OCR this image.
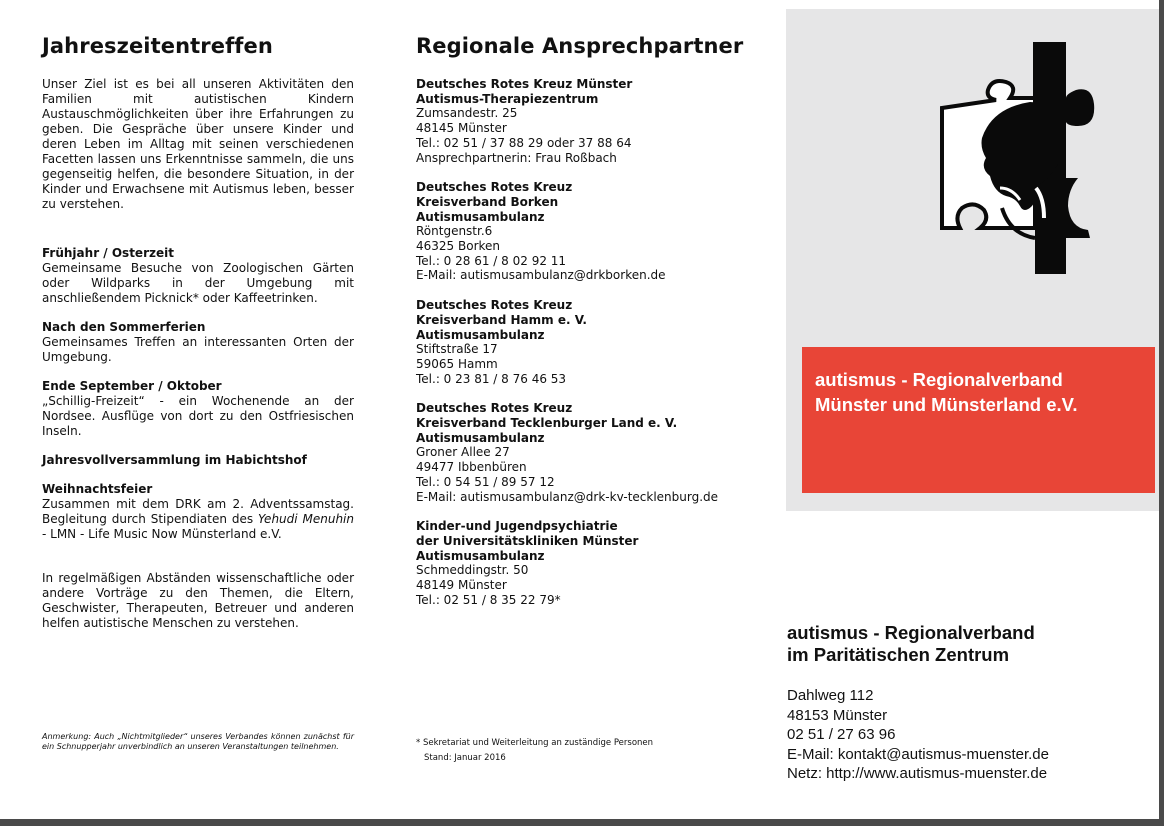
Jahreszeitentreffen

Unser Ziel ist es bei all unseren Aktivitäten den Familien mit autistischen Kindern Austauschmöglichkeiten über ihre Erfahrungen zu geben. Die Gespräche über unsere Kinder und deren Leben im Alltag mit seinen verschiedenen Facetten lassen uns Erkenntnisse sammeln, die uns gegenseitig helfen, die besondere Situation, in der Kinder und Erwachsene mit Autismus leben, besser zu verstehen.

Frühjahr / Osterzeit

Gemeinsame Besuche von Zoologischen Gärten oder Wildparks in der Umgebung mit anschließendem Picknick* oder Kaffeetrinken.

Nach den Sommerferien

Gemeinsames Treffen an interessanten Orten der Umgebung.

Ende September / Oktober

„Schillig-Freizeit“ - ein Wochenende an der Nordsee. Ausflüge von dort zu den Ostfriesischen Inseln.

Jahresvollversammlung im Habichtshof

Weihnachtsfeier

Zusammen mit dem DRK am 2. Adventssamstag. Begleitung durch Stipendiaten des Yehudi Menuhin - LMN - Life Music Now Münsterland e.V.

In regelmäßigen Abständen wissenschaftliche oder andere Vorträge zu den Themen, die Eltern, Geschwister, Therapeuten, Betreuer und anderen helfen autistische Menschen zu verstehen.

Anmerkung: Auch „Nichtmitglieder“ unseres Verbandes können zunächst für ein Schnupperjahr unverbindlich an unseren Veranstaltungen teilnehmen.
Regionale Ansprechpartner
Deutsches Rotes Kreuz Münster
Autismus-Therapiezentrum
Zumsandestr. 25
48145 Münster
Tel.: 02 51 / 37 88 29 oder 37 88 64
Ansprechpartnerin: Frau Roßbach
Deutsches Rotes Kreuz
Kreisverband Borken
Autismusambulanz
Röntgenstr.6
46325 Borken
Tel.: 0 28 61 / 8 02 92 11
E-Mail: autismusambulanz@drkborken.de
Deutsches Rotes Kreuz
Kreisverband Hamm e. V.
Autismusambulanz
Stiftstraße 17
59065 Hamm
Tel.: 0 23 81 / 8 76 46 53
Deutsches Rotes Kreuz
Kreisverband Tecklenburger Land e. V.
Autismusambulanz
Groner Allee 27
49477 Ibbenbüren
Tel.: 0 54 51 / 89 57 12
E-Mail: autismusambulanz@drk-kv-tecklenburg.de
Kinder-und Jugendpsychiatrie
der Universitätskliniken Münster
Autismusambulanz
Schmeddingstr. 50
48149 Münster
Tel.: 02 51 / 8 35 22 79*
* Sekretariat und Weiterleitung an zuständige Personen
Stand: Januar 2016
autismus - Regionalverband
Münster und Münsterland e.V.
autismus - Regionalverband
im Paritätischen Zentrum
Dahlweg 112
48153 Münster
02 51 / 27 63 96
E-Mail: kontakt@autismus-muenster.de
Netz: http://www.autismus-muenster.de
